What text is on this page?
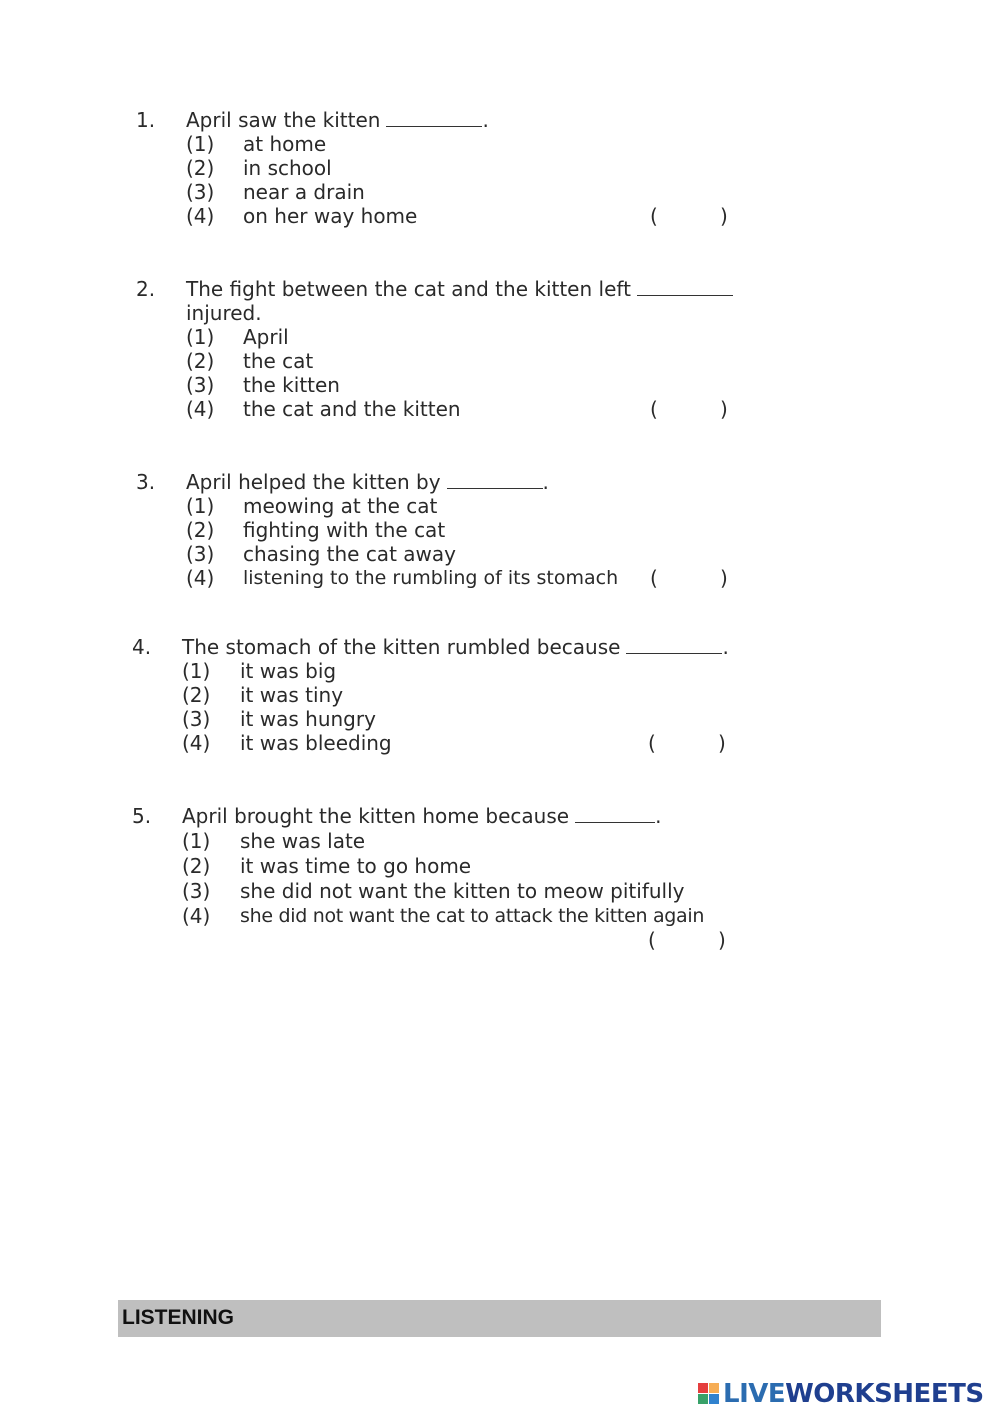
1. April saw the kitten	.
(1) at home
(2) in school
(3) near a drain
(4) on her way home	(	)
2. The fight between the cat and the kitten left
injured.
(1) April
(2) the cat
(3) the kitten
(4) the cat and the kitten	(	)
3. April helped the kitten by	.
(1) meowing at the cat
(2) fighting with the cat
(3) chasing the cat away
(4) listening to the rumbling of its stomach (	)
4. The stomach of the kitten rumbled because	.
(1) it was big
(2) it was tiny
(3) it was hungry
(4) it was bleeding	(	)
5. April brought the kitten home because	.
(1) she was late
(2) it was time to go home
(3) she did not want the kitten to meow pitifully
(4) she did not want the cat to attack the kitten again
(	)
LISTENING
LIVE WORKSHEETS
